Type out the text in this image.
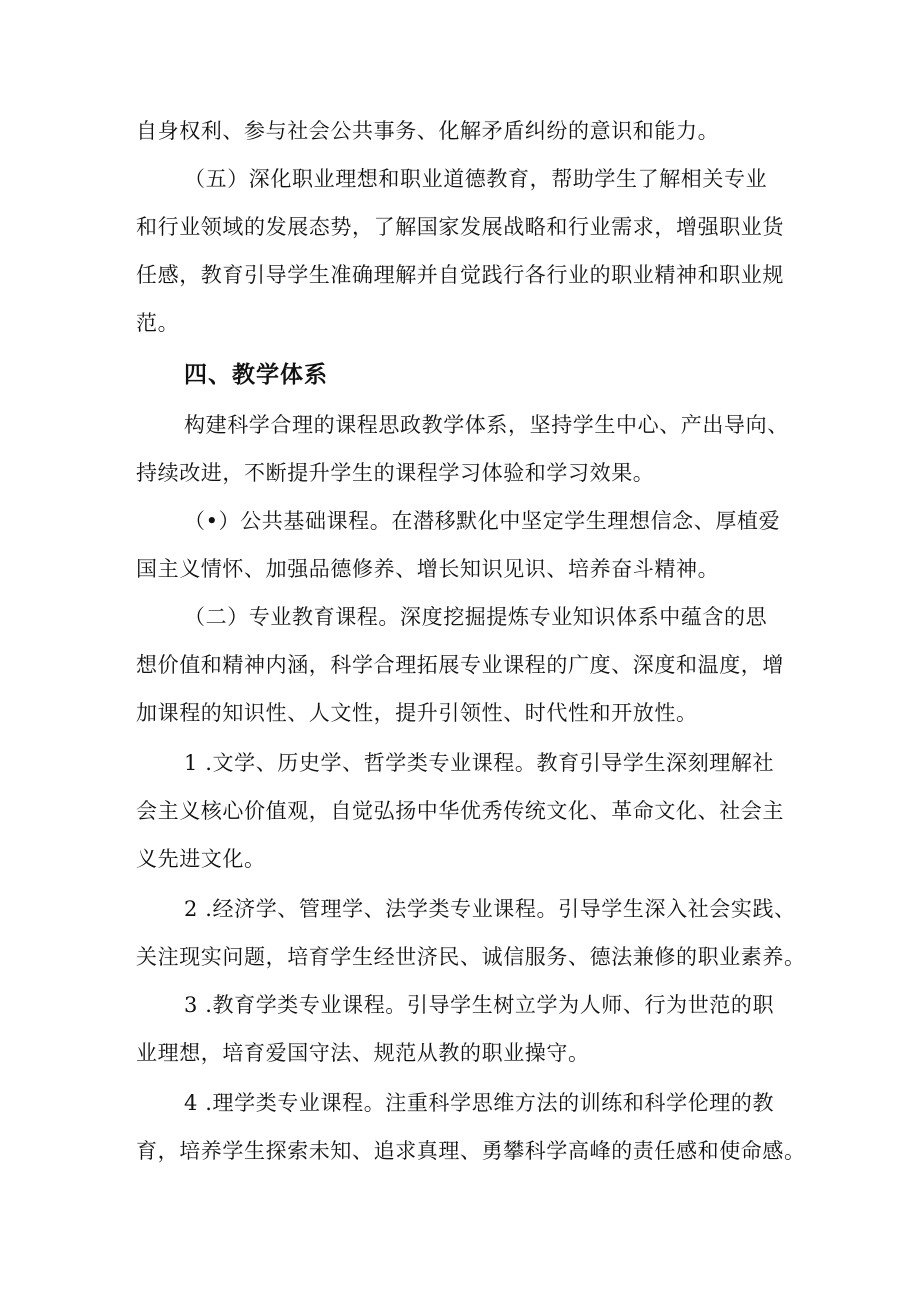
自身权利、参与社会公共事务、化解矛盾纠纷的意识和能力。
（五）深化职业理想和职业道德教育，帮助学生了解相关专业
和行业领域的发展态势，了解国家发展战略和行业需求，增强职业货
任感，教育引导学生准确理解并自觉践行各行业的职业精神和职业规
范。
四、教学体系
构建科学合理的课程思政教学体系，坚持学生中心、产出导向、
持续改进，不断提升学生的课程学习体验和学习效果。
（•）公共基础课程。在潜移默化中坚定学生理想信念、厚植爱
国主义情怀、加强品德修养、增长知识见识、培养奋斗精神。
（二）专业教育课程。深度挖掘提炼专业知识体系中蕴含的思
想价值和精神内涵，科学合理拓展专业课程的广度、深度和温度，增
加课程的知识性、人文性，提升引领性、时代性和开放性。
1 .文学、历史学、哲学类专业课程。教育引导学生深刻理解社
会主义核心价值观，自觉弘扬中华优秀传统文化、革命文化、社会主
义先进文化。
2 .经济学、管理学、法学类专业课程。引导学生深入社会实践、
关注现实问题，培育学生经世济民、诚信服务、德法兼修的职业素养。
3 .教育学类专业课程。引导学生树立学为人师、行为世范的职
业理想，培育爱国守法、规范从教的职业操守。
4 .理学类专业课程。注重科学思维方法的训练和科学伦理的教
育，培养学生探索未知、追求真理、勇攀科学高峰的责任感和使命感。
